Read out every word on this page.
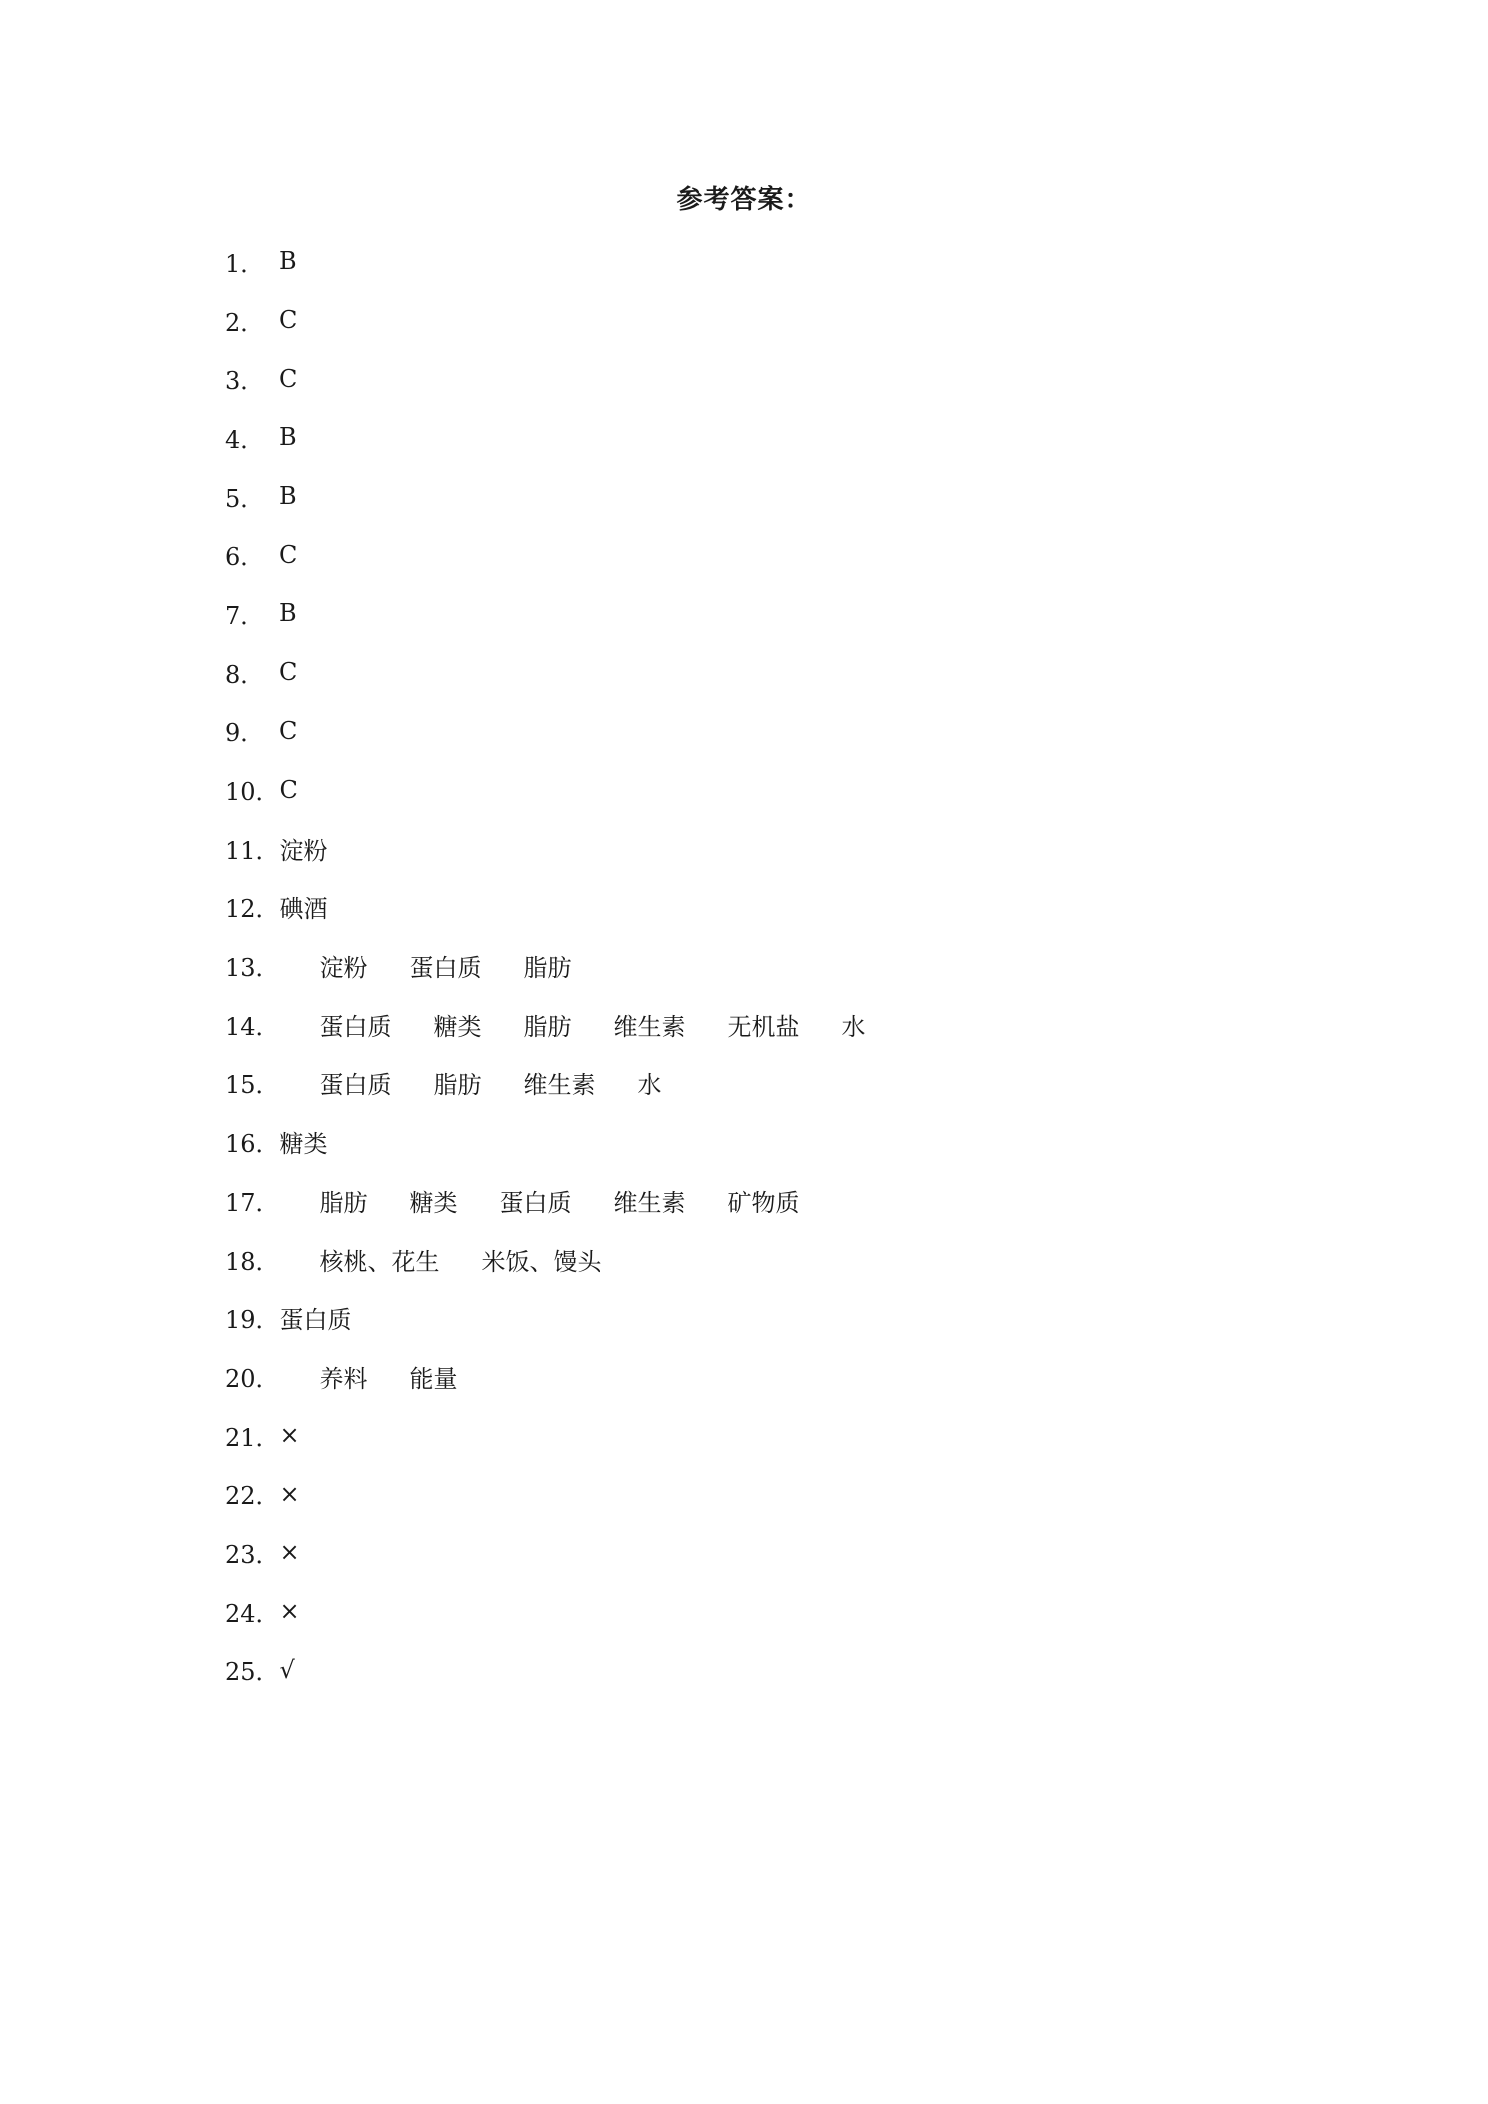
参考答案：
1． B
2． C
3． C
4． B
5． B
6． C
7． B
8． C
9． C
10． C
11． 淀粉
12． 碘酒
13． 淀粉 蛋白质 脂肪
14． 蛋白质 糖类 脂肪 维生素 无机盐 水
15． 蛋白质 脂肪 维生素 水
16． 糖类
17． 脂肪 糖类 蛋白质 维生素 矿物质
18． 核桃、花生 米饭、馒头
19． 蛋白质
20． 养料 能量
21． ×
22． ×
23． ×
24． ×
25． √
